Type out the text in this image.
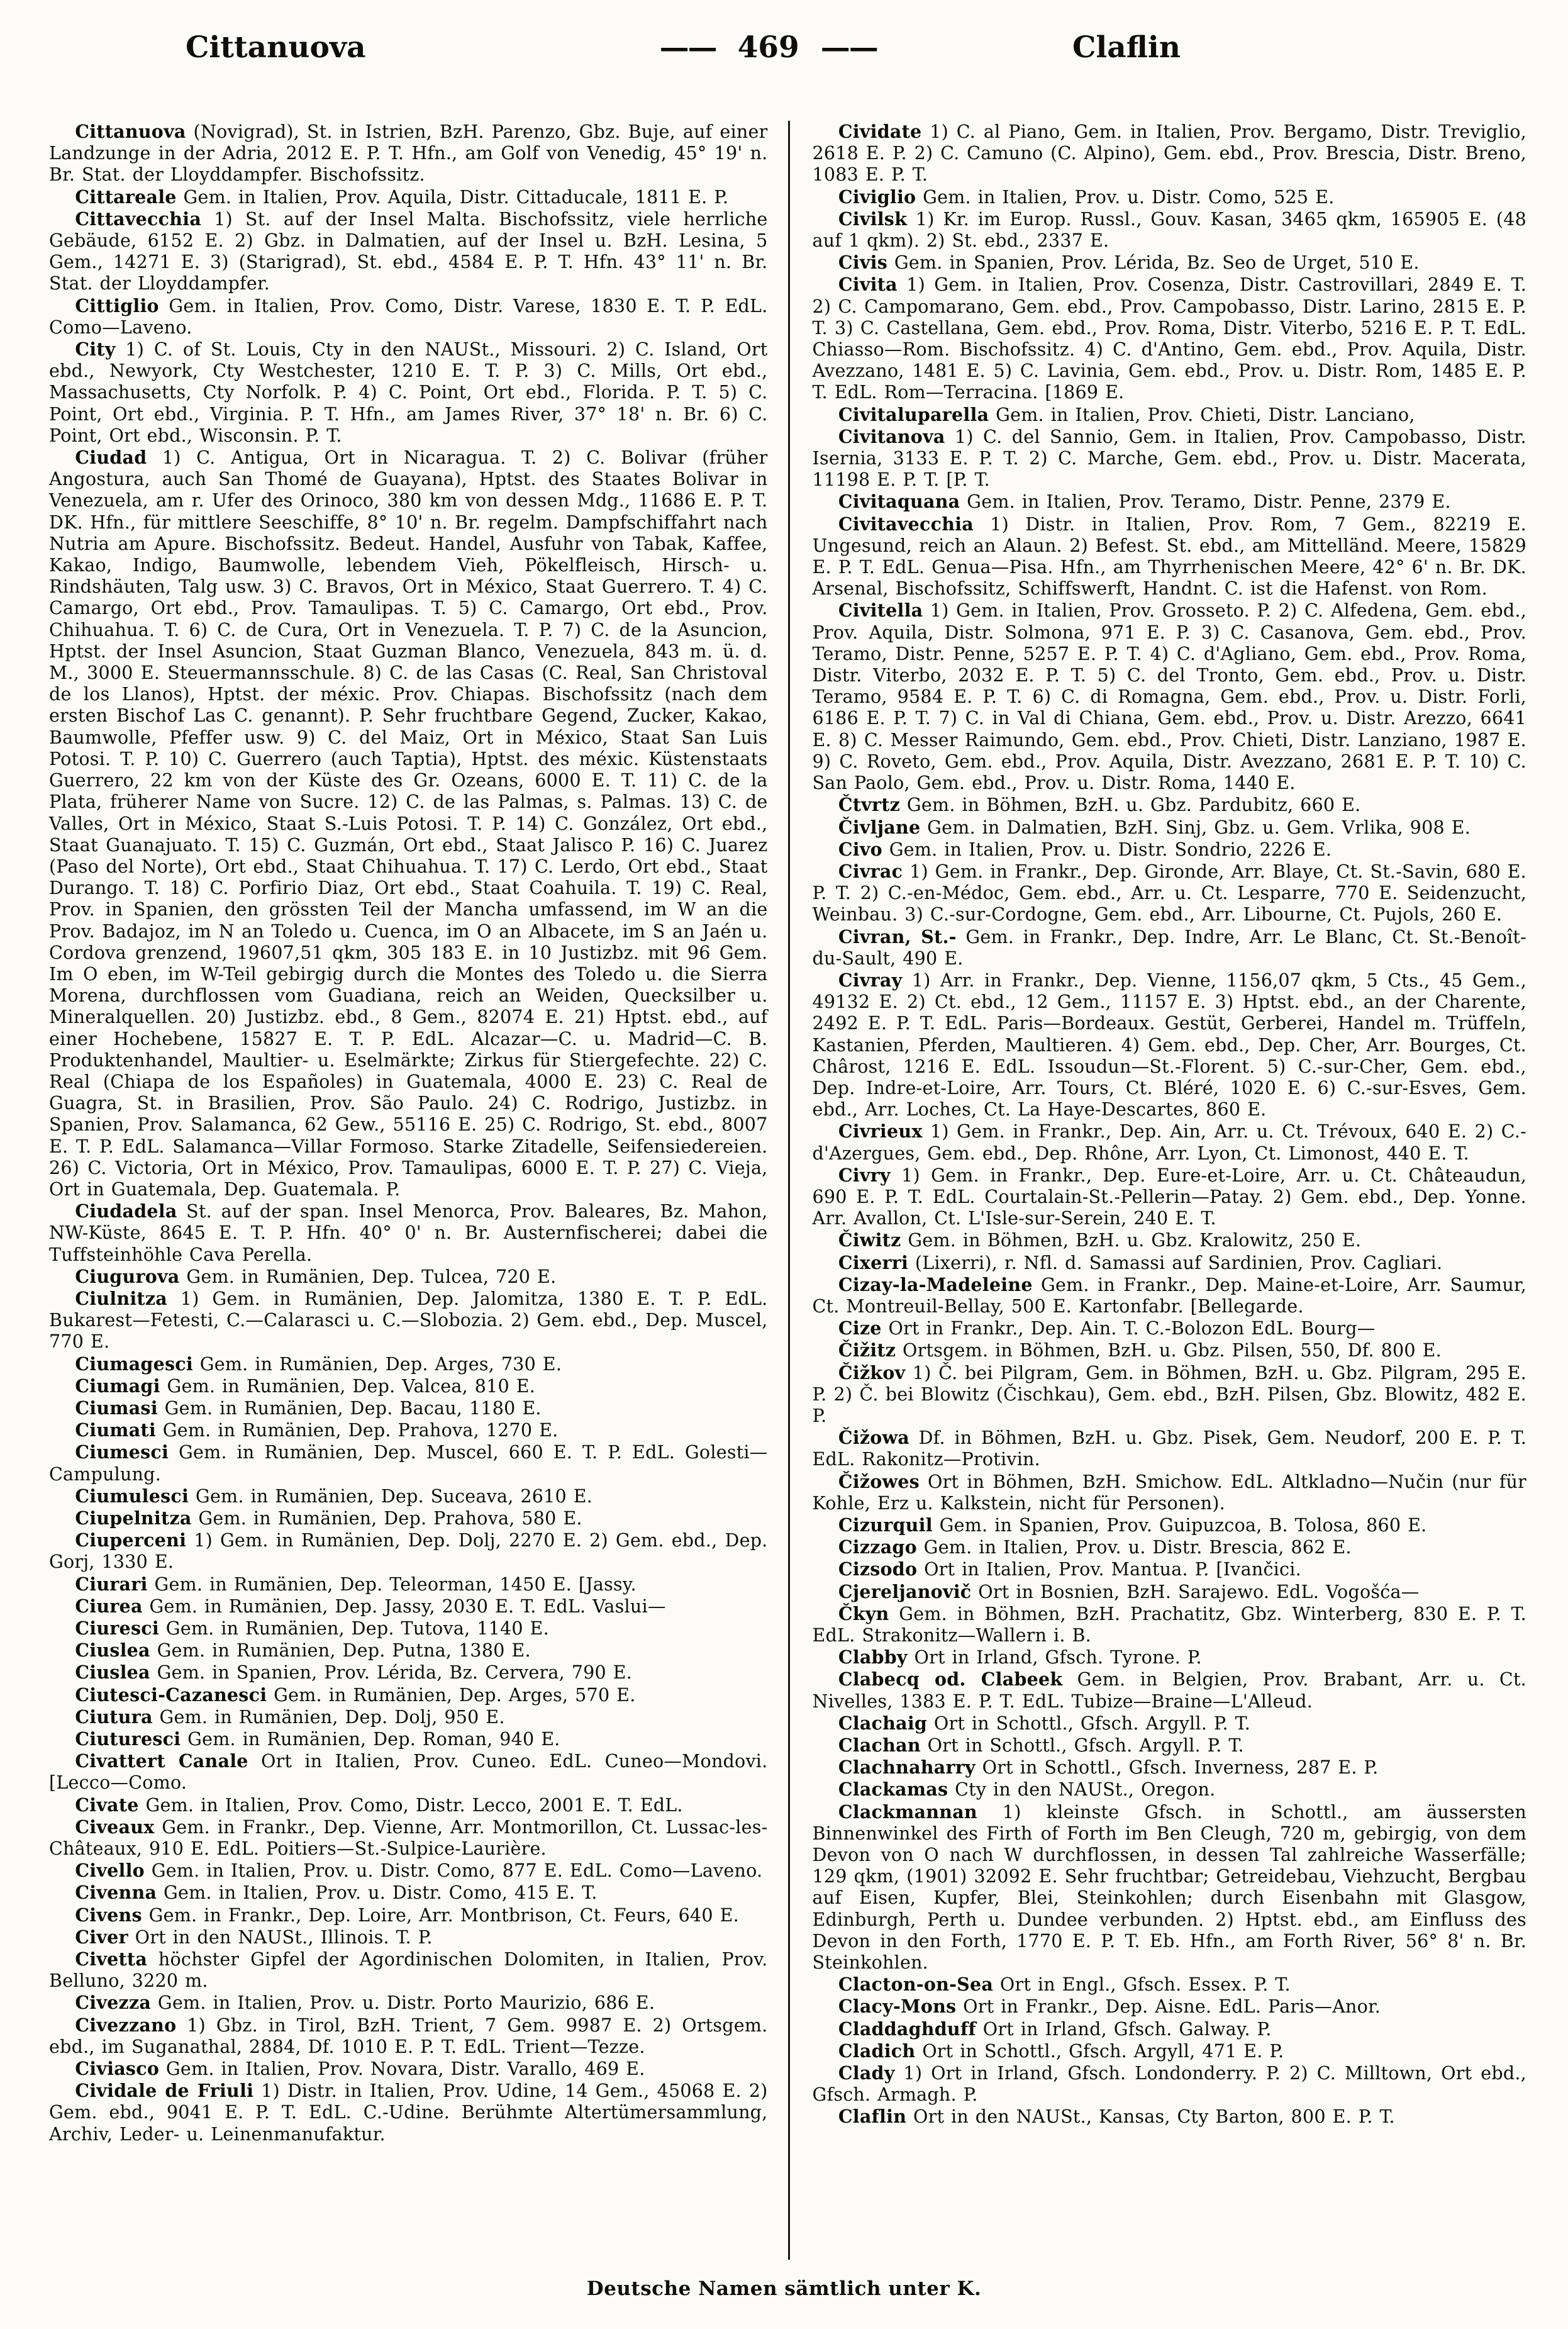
Cittanuova	—— 469 ——	Claflin

Cittanuova (Novigrad), St. in Istrien, BzH. Parenzo, Gbz. Buje, auf einer Landzunge in der Adria, 2012 E. P. T. Hfn., am Golf von Venedig, 45° 19' n. Br. Stat. der Lloyddampfer. Bischofssitz.

Cittareale Gem. in Italien, Prov. Aquila, Distr. Cittaducale, 1811 E. P.

Cittavecchia 1) St. auf der Insel Malta. Bischofssitz, viele herrliche Gebäude, 6152 E. 2) Gbz. in Dalmatien, auf der Insel u. BzH. Lesina, 5 Gem., 14271 E. 3) (Starigrad), St. ebd., 4584 E. P. T. Hfn. 43° 11' n. Br. Stat. der Lloyddampfer.

Cittiglio Gem. in Italien, Prov. Como, Distr. Varese, 1830 E. T. P. EdL. Como—Laveno.

City 1) C. of St. Louis, Cty in den NAUSt., Missouri. 2) C. Island, Ort ebd., Newyork, Cty Westchester, 1210 E. T. P. 3) C. Mills, Ort ebd., Massachusetts, Cty Norfolk. P. 4) C. Point, Ort ebd., Florida. P. T. 5) C. Point, Ort ebd., Virginia. P. T. Hfn., am James River, 37° 18' n. Br. 6) C. Point, Ort ebd., Wisconsin. P. T.

Ciudad 1) C. Antigua, Ort in Nicaragua. T. 2) C. Bolivar (früher Angostura, auch San Thomé de Guayana), Hptst. des Staates Bolivar in Venezuela, am r. Ufer des Orinoco, 380 km von dessen Mdg., 11686 E. P. T. DK. Hfn., für mittlere Seeschiffe, 8° 10' n. Br. regelm. Dampfschiffahrt nach Nutria am Apure. Bischofssitz. Bedeut. Handel, Ausfuhr von Tabak, Kaffee, Kakao, Indigo, Baumwolle, lebendem Vieh, Pökelfleisch, Hirsch- u. Rindshäuten, Talg usw. 3) C. Bravos, Ort in México, Staat Guerrero. T. 4) C. Camargo, Ort ebd., Prov. Tamaulipas. T. 5) C. Camargo, Ort ebd., Prov. Chihuahua. T. 6) C. de Cura, Ort in Venezuela. T. P. 7) C. de la Asuncion, Hptst. der Insel Asuncion, Staat Guzman Blanco, Venezuela, 843 m. ü. d. M., 3000 E. Steuermannsschule. 8) C. de las Casas (C. Real, San Christoval de los Llanos), Hptst. der méxic. Prov. Chiapas. Bischofssitz (nach dem ersten Bischof Las C. genannt). P. Sehr fruchtbare Gegend, Zucker, Kakao, Baumwolle, Pfeffer usw. 9) C. del Maiz, Ort in México, Staat San Luis Potosi. T. P. 10) C. Guerrero (auch Taptia), Hptst. des méxic. Küstenstaats Guerrero, 22 km von der Küste des Gr. Ozeans, 6000 E. T. 11) C. de la Plata, früherer Name von Sucre. 12) C. de las Palmas, s. Palmas. 13) C. de Valles, Ort in México, Staat S.-Luis Potosi. T. P. 14) C. González, Ort ebd., Staat Guanajuato. T. 15) C. Guzmán, Ort ebd., Staat Jalisco P. 16) C. Juarez (Paso del Norte), Ort ebd., Staat Chihuahua. T. 17) C. Lerdo, Ort ebd., Staat Durango. T. 18) C. Porfirio Diaz, Ort ebd., Staat Coahuila. T. 19) C. Real, Prov. in Spanien, den grössten Teil der Mancha umfassend, im W an die Prov. Badajoz, im N an Toledo u. Cuenca, im O an Albacete, im S an Jaén u. Cordova grenzend, 19607,51 qkm, 305 183 E. in 10 Justizbz. mit 96 Gem. Im O eben, im W-Teil gebirgig durch die Montes des Toledo u. die Sierra Morena, durchflossen vom Guadiana, reich an Weiden, Quecksilber u. Mineralquellen. 20) Justizbz. ebd., 8 Gem., 82074 E. 21) Hptst. ebd., auf einer Hochebene, 15827 E. T. P. EdL. Alcazar—C. u. Madrid—C. B. Produktenhandel, Maultier- u. Eselmärkte; Zirkus für Stiergefechte. 22) C. Real (Chiapa de los Españoles) in Guatemala, 4000 E. 23) C. Real de Guagra, St. in Brasilien, Prov. São Paulo. 24) C. Rodrigo, Justizbz. in Spanien, Prov. Salamanca, 62 Gew., 55116 E. 25) C. Rodrigo, St. ebd., 8007 E. T. P. EdL. Salamanca—Villar Formoso. Starke Zitadelle, Seifensiedereien. 26) C. Victoria, Ort in México, Prov. Tamaulipas, 6000 E. T. P. 27) C. Vieja, Ort in Guatemala, Dep. Guatemala. P.

Ciudadela St. auf der span. Insel Menorca, Prov. Baleares, Bz. Mahon, NW-Küste, 8645 E. T. P. Hfn. 40° 0' n. Br. Austernfischerei; dabei die Tuffsteinhöhle Cava Perella.

Ciugurova Gem. in Rumänien, Dep. Tulcea, 720 E.

Ciulnitza 1) Gem. in Rumänien, Dep. Jalomitza, 1380 E. T. P. EdL. Bukarest—Fetesti, C.—Calarasci u. C.—Slobozia. 2) Gem. ebd., Dep. Muscel, 770 E.

Ciumagesci Gem. in Rumänien, Dep. Arges, 730 E.

Ciumagi Gem. in Rumänien, Dep. Valcea, 810 E.

Ciumasi Gem. in Rumänien, Dep. Bacau, 1180 E.

Ciumati Gem. in Rumänien, Dep. Prahova, 1270 E.

Ciumesci Gem. in Rumänien, Dep. Muscel, 660 E. T. P. EdL. Golesti—Campulung.

Ciumulesci Gem. in Rumänien, Dep. Suceava, 2610 E.

Ciupelnitza Gem. in Rumänien, Dep. Prahova, 580 E.

Ciuperceni 1) Gem. in Rumänien, Dep. Dolj, 2270 E. 2) Gem. ebd., Dep. Gorj, 1330 E.

Ciurari Gem. in Rumänien, Dep. Teleorman, 1450 E. [Jassy.

Ciurea Gem. in Rumänien, Dep. Jassy, 2030 E. T. EdL. Vaslui—

Ciuresci Gem. in Rumänien, Dep. Tutova, 1140 E.

Ciuslea Gem. in Rumänien, Dep. Putna, 1380 E.

Ciuslea Gem. in Spanien, Prov. Lérida, Bz. Cervera, 790 E.

Ciutesci-Cazanesci Gem. in Rumänien, Dep. Arges, 570 E.

Ciutura Gem. in Rumänien, Dep. Dolj, 950 E.

Ciuturesci Gem. in Rumänien, Dep. Roman, 940 E.

Civattert Canale Ort in Italien, Prov. Cuneo. EdL. Cuneo—Mondovi. [Lecco—Como.

Civate Gem. in Italien, Prov. Como, Distr. Lecco, 2001 E. T. EdL.

Civeaux Gem. in Frankr., Dep. Vienne, Arr. Montmorillon, Ct. Lussac-les-Châteaux, 910 E. EdL. Poitiers—St.-Sulpice-Laurière.

Civello Gem. in Italien, Prov. u. Distr. Como, 877 E. EdL. Como—Laveno.

Civenna Gem. in Italien, Prov. u. Distr. Como, 415 E. T.

Civens Gem. in Frankr., Dep. Loire, Arr. Montbrison, Ct. Feurs, 640 E.

Civer Ort in den NAUSt., Illinois. T. P.

Civetta höchster Gipfel der Agordinischen Dolomiten, in Italien, Prov. Belluno, 3220 m.

Civezza Gem. in Italien, Prov. u. Distr. Porto Maurizio, 686 E.

Civezzano 1) Gbz. in Tirol, BzH. Trient, 7 Gem. 9987 E. 2) Ortsgem. ebd., im Suganathal, 2884, Df. 1010 E. P. T. EdL. Trient—Tezze.

Civiasco Gem. in Italien, Prov. Novara, Distr. Varallo, 469 E.

Cividale de Friuli 1) Distr. in Italien, Prov. Udine, 14 Gem., 45068 E. 2) Gem. ebd., 9041 E. P. T. EdL. C.-Udine. Berühmte Altertümersammlung, Archiv, Leder- u. Leinenmanufaktur.

Cividate 1) C. al Piano, Gem. in Italien, Prov. Bergamo, Distr. Treviglio, 2618 E. P. 2) C. Camuno (C. Alpino), Gem. ebd., Prov. Brescia, Distr. Breno, 1083 E. P. T.

Civiglio Gem. in Italien, Prov. u. Distr. Como, 525 E.

Civilsk 1) Kr. im Europ. Russl., Gouv. Kasan, 3465 qkm, 165905 E. (48 auf 1 qkm). 2) St. ebd., 2337 E.

Civis Gem. in Spanien, Prov. Lérida, Bz. Seo de Urget, 510 E.

Civita 1) Gem. in Italien, Prov. Cosenza, Distr. Castrovillari, 2849 E. T. 2) C. Campomarano, Gem. ebd., Prov. Campobasso, Distr. Larino, 2815 E. P. T. 3) C. Castellana, Gem. ebd., Prov. Roma, Distr. Viterbo, 5216 E. P. T. EdL. Chiasso—Rom. Bischofssitz. 4) C. d'Antino, Gem. ebd., Prov. Aquila, Distr. Avezzano, 1481 E. 5) C. Lavinia, Gem. ebd., Prov. u. Distr. Rom, 1485 E. P. T. EdL. Rom—Terracina. [1869 E.

Civitaluparella Gem. in Italien, Prov. Chieti, Distr. Lanciano,

Civitanova 1) C. del Sannio, Gem. in Italien, Prov. Campobasso, Distr. Isernia, 3133 E. P. T. 2) C. Marche, Gem. ebd., Prov. u. Distr. Macerata, 11198 E. P. T. [P. T.

Civitaquana Gem. in Italien, Prov. Teramo, Distr. Penne, 2379 E.

Civitavecchia 1) Distr. in Italien, Prov. Rom, 7 Gem., 82219 E. Ungesund, reich an Alaun. 2) Befest. St. ebd., am Mittelländ. Meere, 15829 E. P. T. EdL. Genua—Pisa. Hfn., am Thyrrhenischen Meere, 42° 6' n. Br. DK. Arsenal, Bischofssitz, Schiffswerft, Handnt. C. ist die Hafenst. von Rom.

Civitella 1) Gem. in Italien, Prov. Grosseto. P. 2) C. Alfedena, Gem. ebd., Prov. Aquila, Distr. Solmona, 971 E. P. 3) C. Casanova, Gem. ebd., Prov. Teramo, Distr. Penne, 5257 E. P. T. 4) C. d'Agliano, Gem. ebd., Prov. Roma, Distr. Viterbo, 2032 E. P. T. 5) C. del Tronto, Gem. ebd., Prov. u. Distr. Teramo, 9584 E. P. T. 6) C. di Romagna, Gem. ebd., Prov. u. Distr. Forli, 6186 E. P. T. 7) C. in Val di Chiana, Gem. ebd., Prov. u. Distr. Arezzo, 6641 E. 8) C. Messer Raimundo, Gem. ebd., Prov. Chieti, Distr. Lanziano, 1987 E. 9) C. Roveto, Gem. ebd., Prov. Aquila, Distr. Avezzano, 2681 E. P. T. 10) C. San Paolo, Gem. ebd., Prov. u. Distr. Roma, 1440 E.

Čtvrtz Gem. in Böhmen, BzH. u. Gbz. Pardubitz, 660 E.

Čivljane Gem. in Dalmatien, BzH. Sinj, Gbz. u. Gem. Vrlika, 908 E.

Civo Gem. in Italien, Prov. u. Distr. Sondrio, 2226 E.

Civrac 1) Gem. in Frankr., Dep. Gironde, Arr. Blaye, Ct. St.-Savin, 680 E. P. T. 2) C.-en-Médoc, Gem. ebd., Arr. u. Ct. Lesparre, 770 E. Seidenzucht, Weinbau. 3) C.-sur-Cordogne, Gem. ebd., Arr. Libourne, Ct. Pujols, 260 E.

Civran, St.- Gem. in Frankr., Dep. Indre, Arr. Le Blanc, Ct. St.-Benoît-du-Sault, 490 E.

Civray 1) Arr. in Frankr., Dep. Vienne, 1156,07 qkm, 5 Cts., 45 Gem., 49132 E. 2) Ct. ebd., 12 Gem., 11157 E. 3) Hptst. ebd., an der Charente, 2492 E. P. T. EdL. Paris—Bordeaux. Gestüt, Gerberei, Handel m. Trüffeln, Kastanien, Pferden, Maultieren. 4) Gem. ebd., Dep. Cher, Arr. Bourges, Ct. Chârost, 1216 E. EdL. Issoudun—St.-Florent. 5) C.-sur-Cher, Gem. ebd., Dep. Indre-et-Loire, Arr. Tours, Ct. Bléré, 1020 E. 6) C.-sur-Esves, Gem. ebd., Arr. Loches, Ct. La Haye-Descartes, 860 E.

Civrieux 1) Gem. in Frankr., Dep. Ain, Arr. u. Ct. Trévoux, 640 E. 2) C.-d'Azergues, Gem. ebd., Dep. Rhône, Arr. Lyon, Ct. Limonost, 440 E. T.

Civry 1) Gem. in Frankr., Dep. Eure-et-Loire, Arr. u. Ct. Châteaudun, 690 E. P. T. EdL. Courtalain-St.-Pellerin—Patay. 2) Gem. ebd., Dep. Yonne. Arr. Avallon, Ct. L'Isle-sur-Serein, 240 E. T.

Čiwitz Gem. in Böhmen, BzH. u. Gbz. Kralowitz, 250 E.

Cixerri (Lixerri), r. Nfl. d. Samassi auf Sardinien, Prov. Cagliari.

Cizay-la-Madeleine Gem. in Frankr., Dep. Maine-et-Loire, Arr. Saumur, Ct. Montreuil-Bellay, 500 E. Kartonfabr. [Bellegarde.

Cize Ort in Frankr., Dep. Ain. T. C.-Bolozon EdL. Bourg—

Čižitz Ortsgem. in Böhmen, BzH. u. Gbz. Pilsen, 550, Df. 800 E.

Čižkov 1) Č. bei Pilgram, Gem. in Böhmen, BzH. u. Gbz. Pilgram, 295 E. P. 2) Č. bei Blowitz (Čischkau), Gem. ebd., BzH. Pilsen, Gbz. Blowitz, 482 E. P.

Čižowa Df. in Böhmen, BzH. u. Gbz. Pisek, Gem. Neudorf, 200 E. P. T. EdL. Rakonitz—Protivin.

Čižowes Ort in Böhmen, BzH. Smichow. EdL. Altkladno—Nučin (nur für Kohle, Erz u. Kalkstein, nicht für Personen).

Cizurquil Gem. in Spanien, Prov. Guipuzcoa, B. Tolosa, 860 E.

Cizzago Gem. in Italien, Prov. u. Distr. Brescia, 862 E.

Cizsodo Ort in Italien, Prov. Mantua. P. [Ivančici.

Cjereljanovič Ort in Bosnien, BzH. Sarajewo. EdL. Vogošća—

Čkyn Gem. in Böhmen, BzH. Prachatitz, Gbz. Winterberg, 830 E. P. T. EdL. Strakonitz—Wallern i. B.

Clabby Ort in Irland, Gfsch. Tyrone. P.

Clabecq od. Clabeek Gem. in Belgien, Prov. Brabant, Arr. u. Ct. Nivelles, 1383 E. P. T. EdL. Tubize—Braine—L'Alleud.

Clachaig Ort in Schottl., Gfsch. Argyll. P. T.

Clachan Ort in Schottl., Gfsch. Argyll. P. T.

Clachnaharry Ort in Schottl., Gfsch. Inverness, 287 E. P.

Clackamas Cty in den NAUSt., Oregon.

Clackmannan 1) kleinste Gfsch. in Schottl., am äussersten Binnenwinkel des Firth of Forth im Ben Cleugh, 720 m, gebirgig, von dem Devon von O nach W durchflossen, in dessen Tal zahlreiche Wasserfälle; 129 qkm, (1901) 32092 E. Sehr fruchtbar; Getreidebau, Viehzucht, Bergbau auf Eisen, Kupfer, Blei, Steinkohlen; durch Eisenbahn mit Glasgow, Edinburgh, Perth u. Dundee verbunden. 2) Hptst. ebd., am Einfluss des Devon in den Forth, 1770 E. P. T. Eb. Hfn., am Forth River, 56° 8' n. Br. Steinkohlen.

Clacton-on-Sea Ort in Engl., Gfsch. Essex. P. T.

Clacy-Mons Ort in Frankr., Dep. Aisne. EdL. Paris—Anor.

Claddaghduff Ort in Irland, Gfsch. Galway. P.

Cladich Ort in Schottl., Gfsch. Argyll, 471 E. P.

Clady 1) Ort in Irland, Gfsch. Londonderry. P. 2) C. Milltown, Ort ebd., Gfsch. Armagh. P.

Claflin Ort in den NAUSt., Kansas, Cty Barton, 800 E. P. T.

Deutsche Namen sämtlich unter K.
